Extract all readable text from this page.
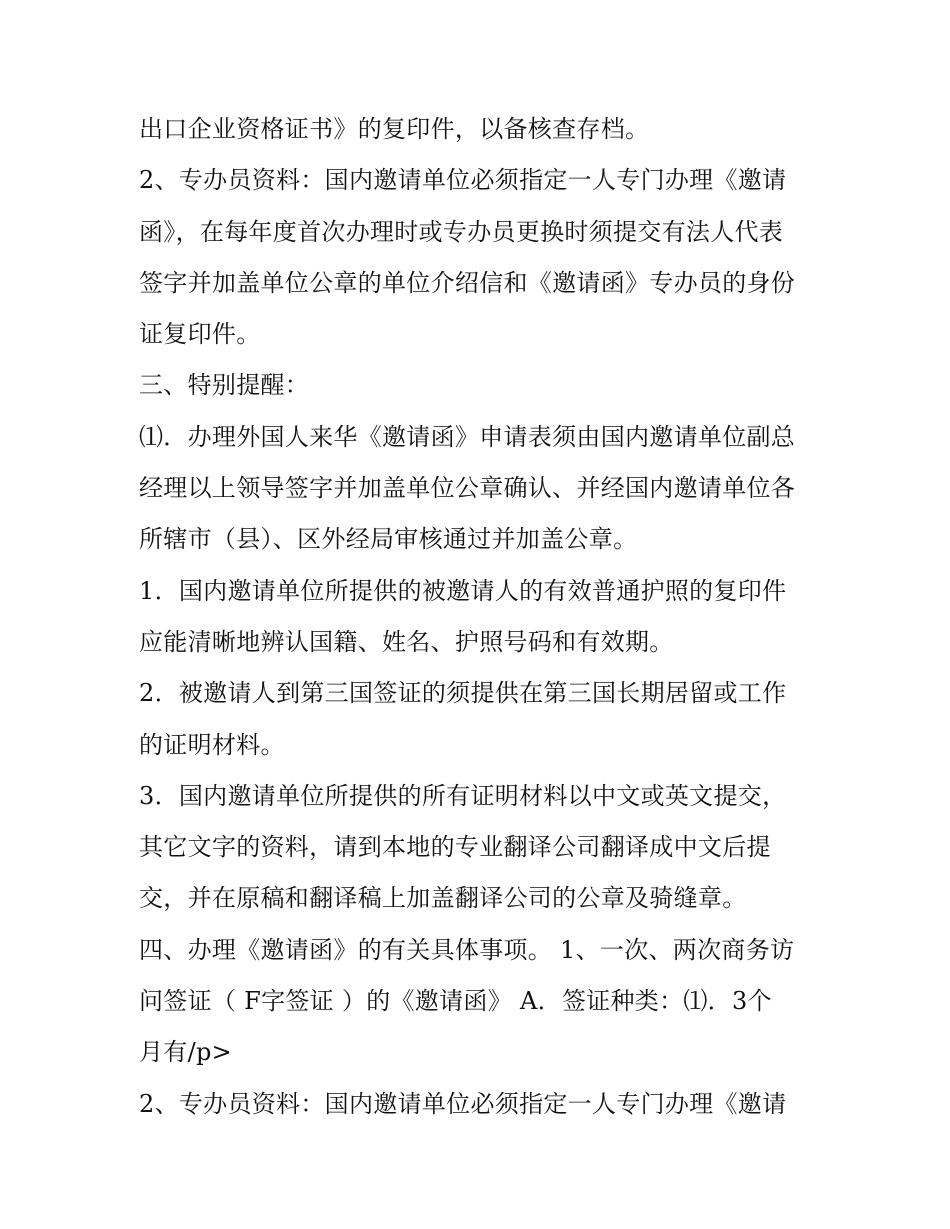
出口企业资格证书》的复印件，以备核查存档。
2、专办员资料：国内邀请单位必须指定一人专门办理《邀请
函》，在每年度首次办理时或专办员更换时须提交有法人代表
签字并加盖单位公章的单位介绍信和《邀请函》专办员的身份
证复印件。
三、特别提醒：
⑴．办理外国人来华《邀请函》申请表须由国内邀请单位副总
经理以上领导签字并加盖单位公章确认、并经国内邀请单位各
所辖市（县）、区外经局审核通过并加盖公章。
1．国内邀请单位所提供的被邀请人的有效普通护照的复印件
应能清晰地辨认国籍、姓名、护照号码和有效期。
2．被邀请人到第三国签证的须提供在第三国长期居留或工作
的证明材料。
3．国内邀请单位所提供的所有证明材料以中文或英文提交，
其它文字的资料，请到本地的专业翻译公司翻译成中文后提
交，并在原稿和翻译稿上加盖翻译公司的公章及骑缝章。
四、办理《邀请函》的有关具体事项。 1、一次、两次商务访
问签证（ F字签证 ）的《邀请函》 A．签证种类：⑴．3个
月有/p>
2、专办员资料：国内邀请单位必须指定一人专门办理《邀请
